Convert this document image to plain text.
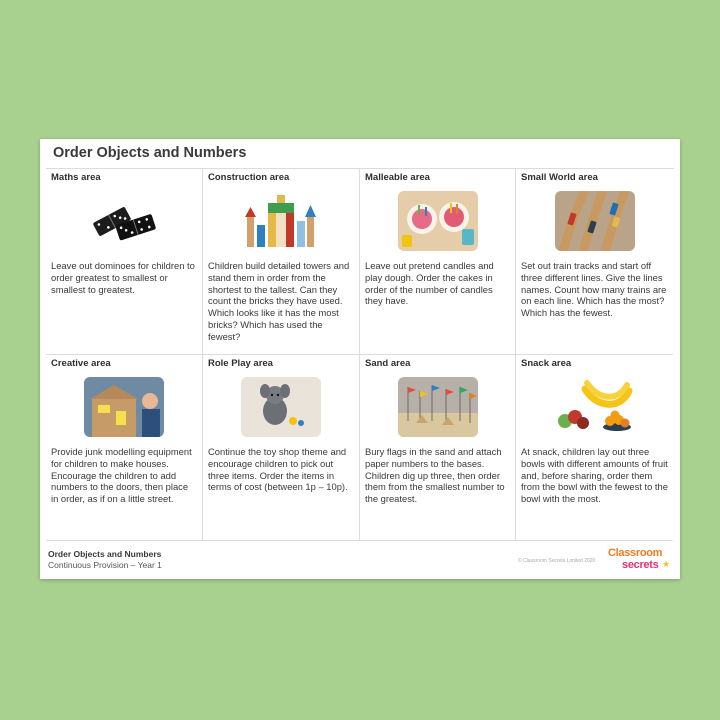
Order Objects and Numbers
Maths area
Leave out dominoes for children to order greatest to smallest or smallest to greatest.
Construction area
Children build detailed towers and stand them in order from the shortest to the tallest. Can they count the bricks they have used. Which looks like it has the most bricks? Which has used the fewest?
Malleable area
Leave out pretend candles and play dough. Order the cakes in order of the number of candles they have.
Small World area
Set out train tracks and start off three different lines. Give the lines names. Count how many trains are on each line. Which has the most? Which has the fewest.
Creative area
Provide junk modelling equipment for children to make houses. Encourage the children to add numbers to the doors, then place in order, as if on a little street.
Role Play area
Continue the toy shop theme and encourage children to pick out three items. Order the items in terms of cost (between 1p – 10p).
Sand area
Bury flags in the sand and attach paper numbers to the bases. Children dig up three, then order them from the smallest number to the greatest.
Snack area
At snack, children lay out three bowls with different amounts of fruit and, before sharing, order them from the bowl with the fewest to the bowl with the most.
Order Objects and Numbers
Continuous Provision – Year 1	© Classroom Secrets Limited 2020
Classroom
secrets ★
